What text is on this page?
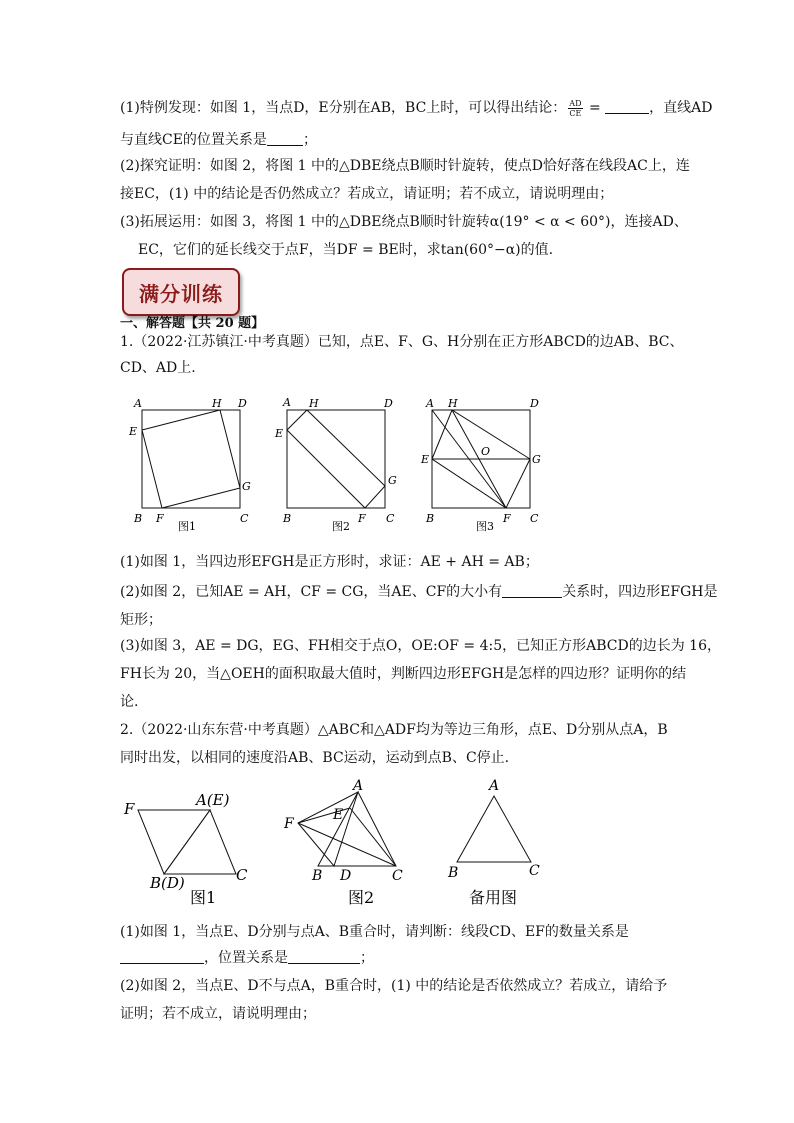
(1)特例发现：如图 1，当点D，E分别在AB，BC上时，可以得出结论： $\frac{AD}{CE}$ =	，直线AD
与直线CE的位置关系是	；
(2)探究证明：如图 2，将图 1 中的△DBE绕点B顺时针旋转，使点D恰好落在线段AC上，连
接EC，(1) 中的结论是否仍然成立？若成立，请证明；若不成立，请说明理由；
(3)拓展运用：如图 3，将图 1 中的△DBE绕点B顺时针旋转α(19° < α < 60°)，连接AD、
EC，它们的延长线交于点F，当DF = BE时，求tan(60°−α)的值.
满分训练
一、解答题【共 20 题】
1.（2022·江苏镇江·中考真题）已知，点E、F、G、H分别在正方形ABCD的边AB、BC、
CD、AD上.
A	H D
E
G
B F	C
图1
A H	D
E
G
B	F C
图2
A H	D
E
O
G
B	F C
图3
(1)如图 1，当四边形EFGH是正方形时，求证：AE + AH = AB；
(2)如图 2，已知AE = AH，CF = CG，当AE、CF的大小有	关系时，四边形EFGH是
矩形；
(3)如图 3，AE = DG，EG、FH相交于点O，OE:OF = 4:5，已知正方形ABCD的边长为 16，
FH长为 20，当△OEH的面积取最大值时，判断四边形EFGH是怎样的四边形？证明你的结
论.
2.（2022·山东东营·中考真题）△ABC和△ADF均为等边三角形，点E、D分别从点A，B
同时出发，以相同的速度沿AB、BC运动，运动到点B、C停止.
F	A(E)
B(D)	C
图1
A
E
F
B D	C
图2
A
B	C
备用图
(1)如图 1，当点E、D分别与点A、B重合时，请判断：线段CD、EF的数量关系是
，位置关系是	；
(2)如图 2，当点E、D不与点A，B重合时，(1) 中的结论是否依然成立？若成立，请给予
证明；若不成立，请说明理由；
